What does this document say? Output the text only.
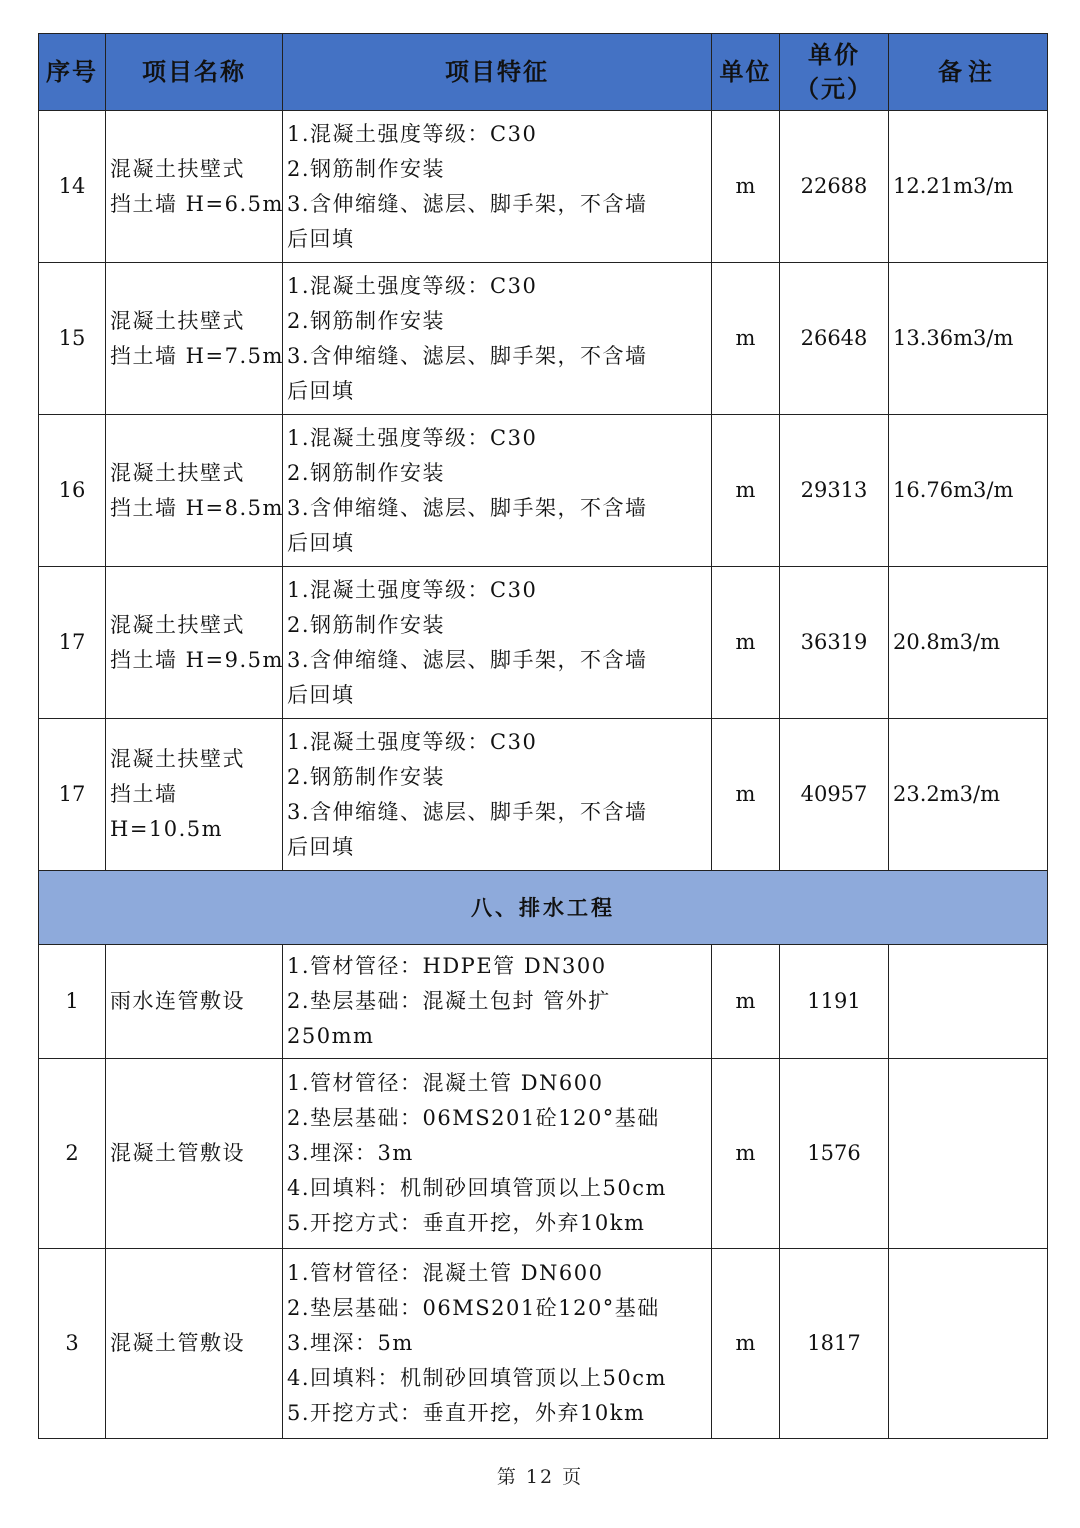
序号	项目名称	项目特征	单位	单价
（元）	备注
14	混凝土扶壁式
挡土墙 H=6.5m	1.混凝土强度等级：C30
2.钢筋制作安装
3.含伸缩缝、滤层、脚手架，不含墙
后回填	m	22688	12.21m3/m
15	混凝土扶壁式
挡土墙 H=7.5m	1.混凝土强度等级：C30
2.钢筋制作安装
3.含伸缩缝、滤层、脚手架，不含墙
后回填	m	26648	13.36m3/m
16	混凝土扶壁式
挡土墙 H=8.5m	1.混凝土强度等级：C30
2.钢筋制作安装
3.含伸缩缝、滤层、脚手架，不含墙
后回填	m	29313	16.76m3/m
17	混凝土扶壁式
挡土墙 H=9.5m	1.混凝土强度等级：C30
2.钢筋制作安装
3.含伸缩缝、滤层、脚手架，不含墙
后回填	m	36319	20.8m3/m
17	混凝土扶壁式
挡土墙
H=10.5m	1.混凝土强度等级：C30
2.钢筋制作安装
3.含伸缩缝、滤层、脚手架，不含墙
后回填	m	40957	23.2m3/m
八、排水工程					
1	雨水连管敷设	1.管材管径：HDPE管 DN300
2.垫层基础：混凝土包封 管外扩
250mm	m	1191	
2	混凝土管敷设	1.管材管径：混凝土管 DN600
2.垫层基础：06MS201砼120°基础
3.埋深：3m
4.回填料：机制砂回填管顶以上50cm
5.开挖方式：垂直开挖，外弃10km	m	1576	
3	混凝土管敷设	1.管材管径：混凝土管 DN600
2.垫层基础：06MS201砼120°基础
3.埋深：5m
4.回填料：机制砂回填管顶以上50cm
5.开挖方式：垂直开挖，外弃10km	m	1817	
第 12 页
